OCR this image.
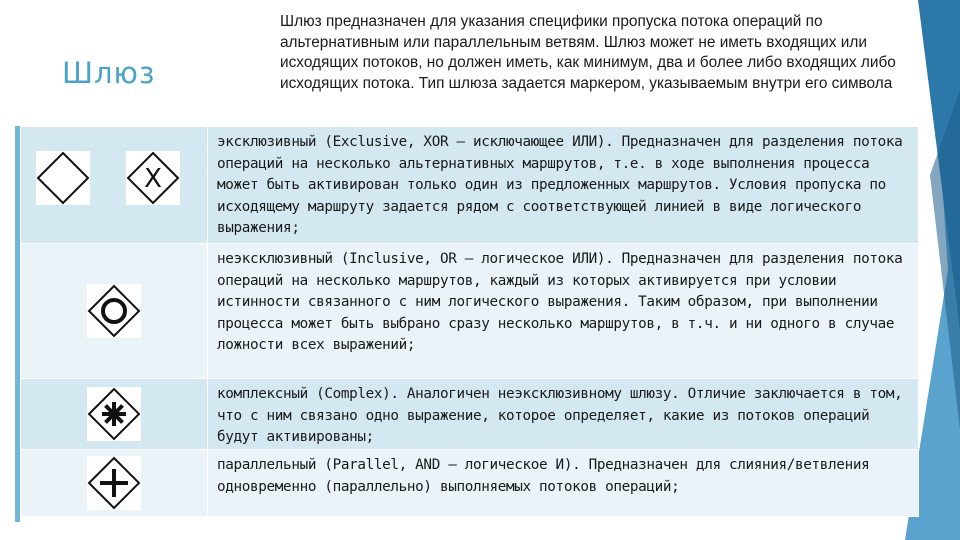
Шлюз
Шлюз предназначен для указания специфики пропуска потока операций по альтернативным или параллельным ветвям. Шлюз может не иметь входящих или исходящих потоков, но должен иметь, как минимум, два и более либо входящих либо исходящих потока. Тип шлюза задается маркером, указываемым внутри его символа
X
эксклюзивный (Exclusive, XOR – исключающее ИЛИ). Предназначен для разделения потока операций на несколько альтернативных маршрутов, т.е. в ходе выполнения процесса может быть активирован только один из предложенных маршрутов. Условия пропуска по исходящему маршруту задается рядом с соответствующей линией в виде логического выражения;
неэксклюзивный (Inclusive, OR – логическое ИЛИ). Предназначен для разделения потока операций на несколько маршрутов, каждый из которых активируется при условии истинности связанного с ним логического выражения. Таким образом, при выполнении процесса может быть выбрано сразу несколько маршрутов, в т.ч. и ни одного в случае ложности всех выражений;
комплексный (Complex). Аналогичен неэксклюзивному шлюзу. Отличие заключается в том, что с ним связано одно выражение, которое определяет, какие из потоков операций будут активированы;
параллельный (Parallel, AND – логическое И). Предназначен для слияния/ветвления одновременно (параллельно) выполняемых потоков операций;
